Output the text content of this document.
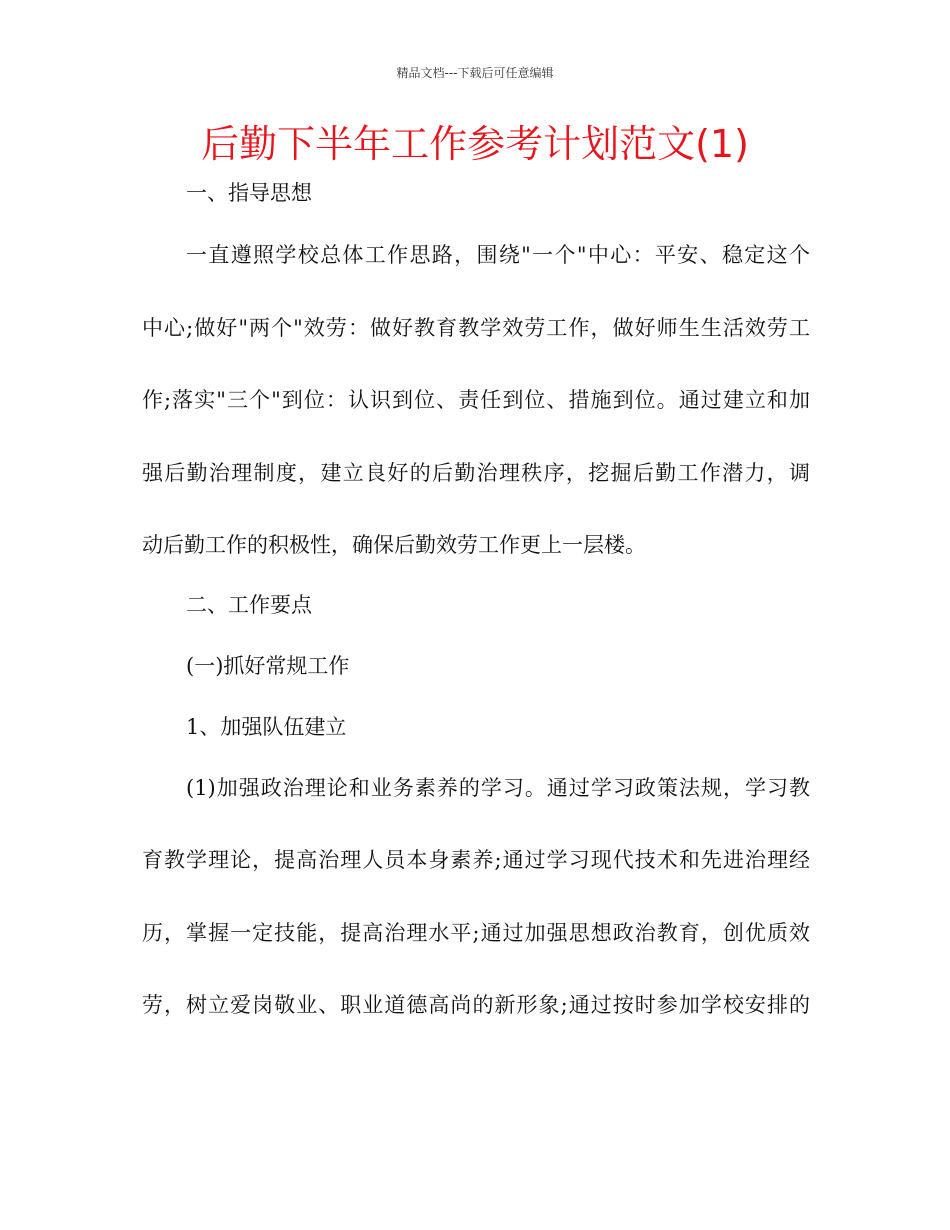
精品文档---下载后可任意编辑
后勤下半年工作参考计划范文(1)
一、指导思想
一直遵照学校总体工作思路，围绕"一个"中心：平安、稳定这个
中心;做好"两个"效劳：做好教育教学效劳工作，做好师生生活效劳工
作;落实"三个"到位：认识到位、责任到位、措施到位。通过建立和加
强后勤治理制度，建立良好的后勤治理秩序，挖掘后勤工作潜力，调
动后勤工作的积极性，确保后勤效劳工作更上一层楼。
二、工作要点
(一)抓好常规工作
1、加强队伍建立
(1)加强政治理论和业务素养的学习。通过学习政策法规，学习教
育教学理论，提高治理人员本身素养;通过学习现代技术和先进治理经
历，掌握一定技能，提高治理水平;通过加强思想政治教育，创优质效
劳，树立爱岗敬业、职业道德高尚的新形象;通过按时参加学校安排的
